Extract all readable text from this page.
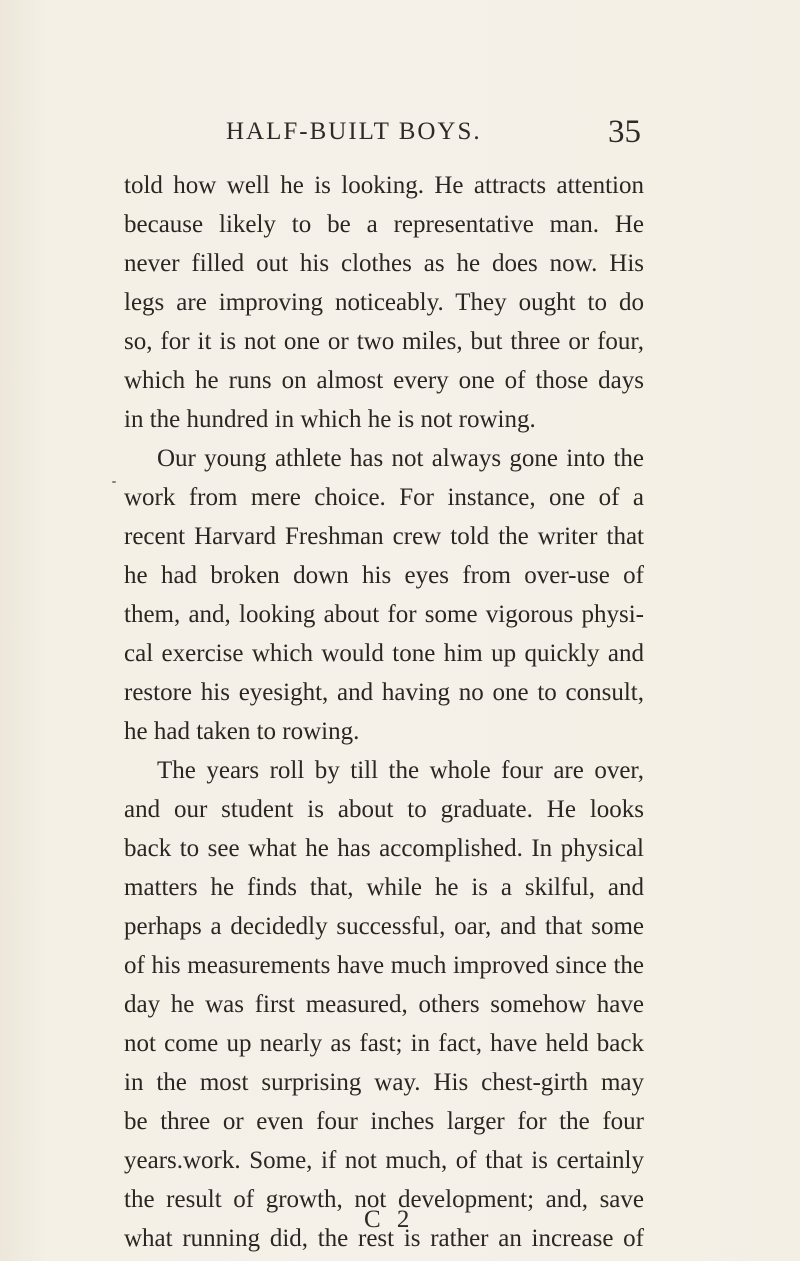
HALF-BUILT BOYS.	35
told how well he is looking. He attracts attention
because likely to be a representative man. He
never filled out his clothes as he does now. His
legs are improving noticeably. They ought to do
so, for it is not one or two miles, but three or four,
which he runs on almost every one of those days
in the hundred in which he is not rowing.
Our young athlete has not always gone into the
work from mere choice. For instance, one of a
recent Harvard Freshman crew told the writer that
he had broken down his eyes from over-use of
them, and, looking about for some vigorous physi-
cal exercise which would tone him up quickly and
restore his eyesight, and having no one to consult,
he had taken to rowing.
The years roll by till the whole four are over,
and our student is about to graduate. He looks
back to see what he has accomplished. In physical
matters he finds that, while he is a skilful, and
perhaps a decidedly successful, oar, and that some
of his measurements have much improved since the
day he was first measured, others somehow have
not come up nearly as fast; in fact, have held back
in the most surprising way. His chest-girth may
be three or even four inches larger for the four
years.work. Some, if not much, of that is certainly
the result of growth, not development; and, save
what running did, the rest is rather an increase of
C 2
